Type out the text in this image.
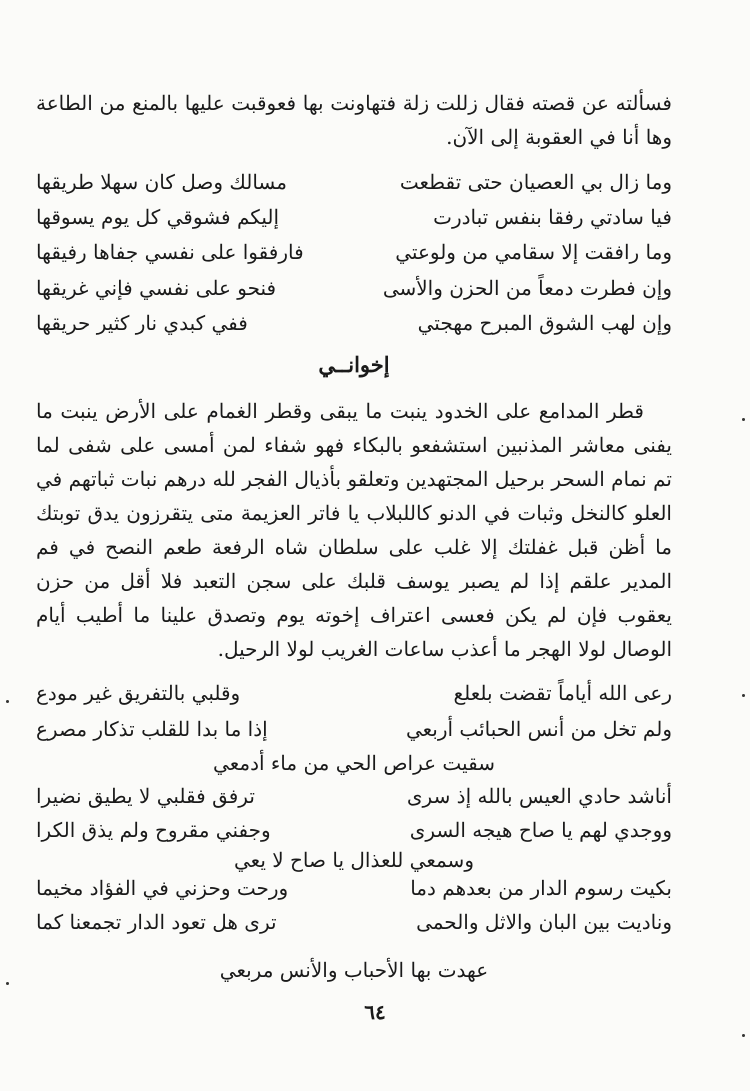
فسألته عن قصته فقال زللت زلة فتهاونت بها فعوقبت عليها بالمنع من الطاعة وها أنا في العقوبة إلى الآن.

وما زال بي العصيان حتى تقطعت
مسالك وصل كان سهلا طريقها
فيا سادتي رفقا بنفس تبادرت
إليكم فشوقي كل يوم يسوقها
وما رافقت إلا سقامي من ولوعتي
فارفقوا على نفسي جفاها رفيقها
وإن فطرت دمعاً من الحزن والأسى
فنحو على نفسي فإني غريقها
وإن لهب الشوق المبرح مهجتي
ففي كبدي نار كثير حريقها
إخوانــي

قطر المدامع على الخدود ينبت ما يبقى وقطر الغمام على الأرض ينبت ما يفنى معاشر المذنبين استشفعو بالبكاء فهو شفاء لمن أمسى على شفى لما تم نمام السحر برحيل المجتهدين وتعلقو بأذيال الفجر لله درهم نبات ثباتهم في العلو كالنخل وثبات في الدنو كاللبلاب يا فاتر العزيمة متى يتقرزون يدق توبتك ما أظن قبل غفلتك إلا غلب على سلطان شاه الرفعة طعم النصح في فم المدير علقم إذا لم يصبر يوسف قلبك على سجن التعبد فلا أقل من حزن يعقوب فإن لم يكن فعسى اعتراف إخوته يوم وتصدق علينا ما أطيب أيام الوصال لولا الهجر ما أعذب ساعات الغريب لولا الرحيل.

رعى الله أياماً تقضت بلعلع
وقلبي بالتفريق غير مودع
ولم تخل من أنس الحبائب أربعي
إذا ما بدا للقلب تذكار مصرع
سقيت عراص الحي من ماء أدمعي
أناشد حادي العيس بالله إذ سرى
ترفق فقلبي لا يطيق نضيرا
ووجدي لهم يا صاح هيجه السرى
وجفني مقروح ولم يذق الكرا
وسمعي للعذال يا صاح لا يعي
بكيت رسوم الدار من بعدهم دما
ورحت وحزني في الفؤاد مخيما
وناديت بين البان والاثل والحمى
ترى هل تعود الدار تجمعنا كما
عهدت بها الأحباب والأنس مربعي
٦٤
